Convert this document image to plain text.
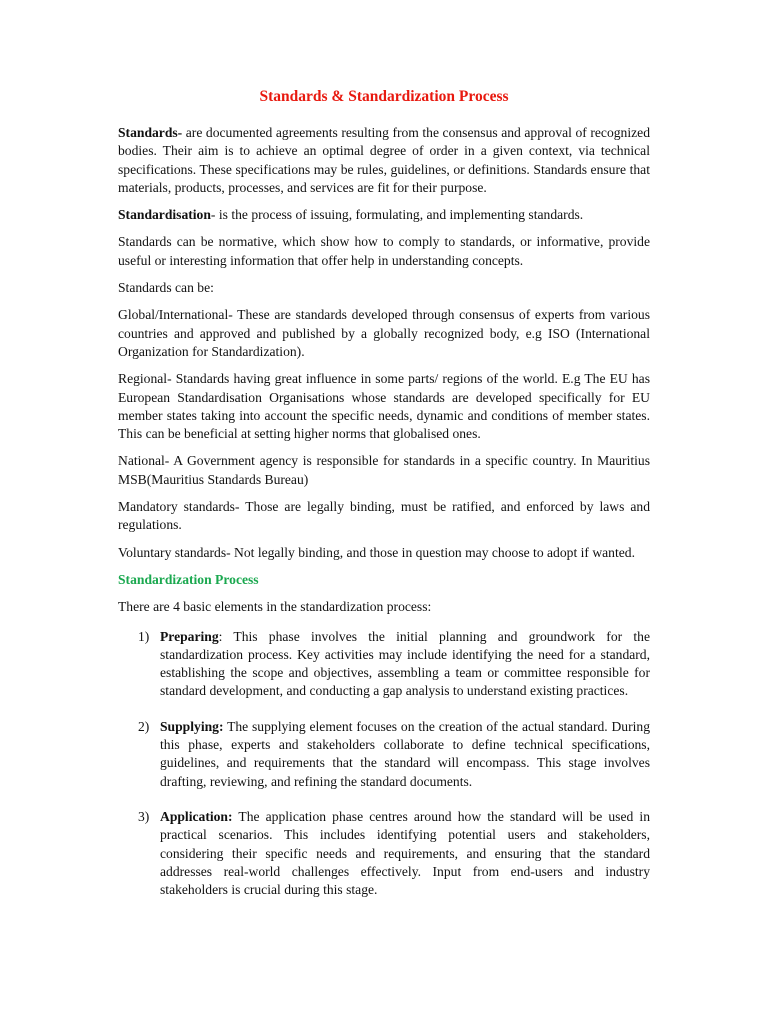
Standards & Standardization Process

Standards- are documented agreements resulting from the consensus and approval of recognized bodies. Their aim is to achieve an optimal degree of order in a given context, via technical specifications. These specifications may be rules, guidelines, or definitions. Standards ensure that materials, products, processes, and services are fit for their purpose.

Standardisation- is the process of issuing, formulating, and implementing standards.

Standards can be normative, which show how to comply to standards, or informative, provide useful or interesting information that offer help in understanding concepts.

Standards can be:

Global/International- These are standards developed through consensus of experts from various countries and approved and published by a globally recognized body, e.g ISO (International Organization for Standardization).

Regional- Standards having great influence in some parts/ regions of the world. E.g The EU has European Standardisation Organisations whose standards are developed specifically for EU member states taking into account the specific needs, dynamic and conditions of member states. This can be beneficial at setting higher norms that globalised ones.

National- A Government agency is responsible for standards in a specific country. In Mauritius MSB(Mauritius Standards Bureau)

Mandatory standards- Those are legally binding, must be ratified, and enforced by laws and regulations.

Voluntary standards- Not legally binding, and those in question may choose to adopt if wanted.

Standardization Process

There are 4 basic elements in the standardization process:

1) Preparing: This phase involves the initial planning and groundwork for the standardization process. Key activities may include identifying the need for a standard, establishing the scope and objectives, assembling a team or committee responsible for standard development, and conducting a gap analysis to understand existing practices.
2) Supplying: The supplying element focuses on the creation of the actual standard. During this phase, experts and stakeholders collaborate to define technical specifications, guidelines, and requirements that the standard will encompass. This stage involves drafting, reviewing, and refining the standard documents.
3) Application: The application phase centres around how the standard will be used in practical scenarios. This includes identifying potential users and stakeholders, considering their specific needs and requirements, and ensuring that the standard addresses real-world challenges effectively. Input from end-users and industry stakeholders is crucial during this stage.
